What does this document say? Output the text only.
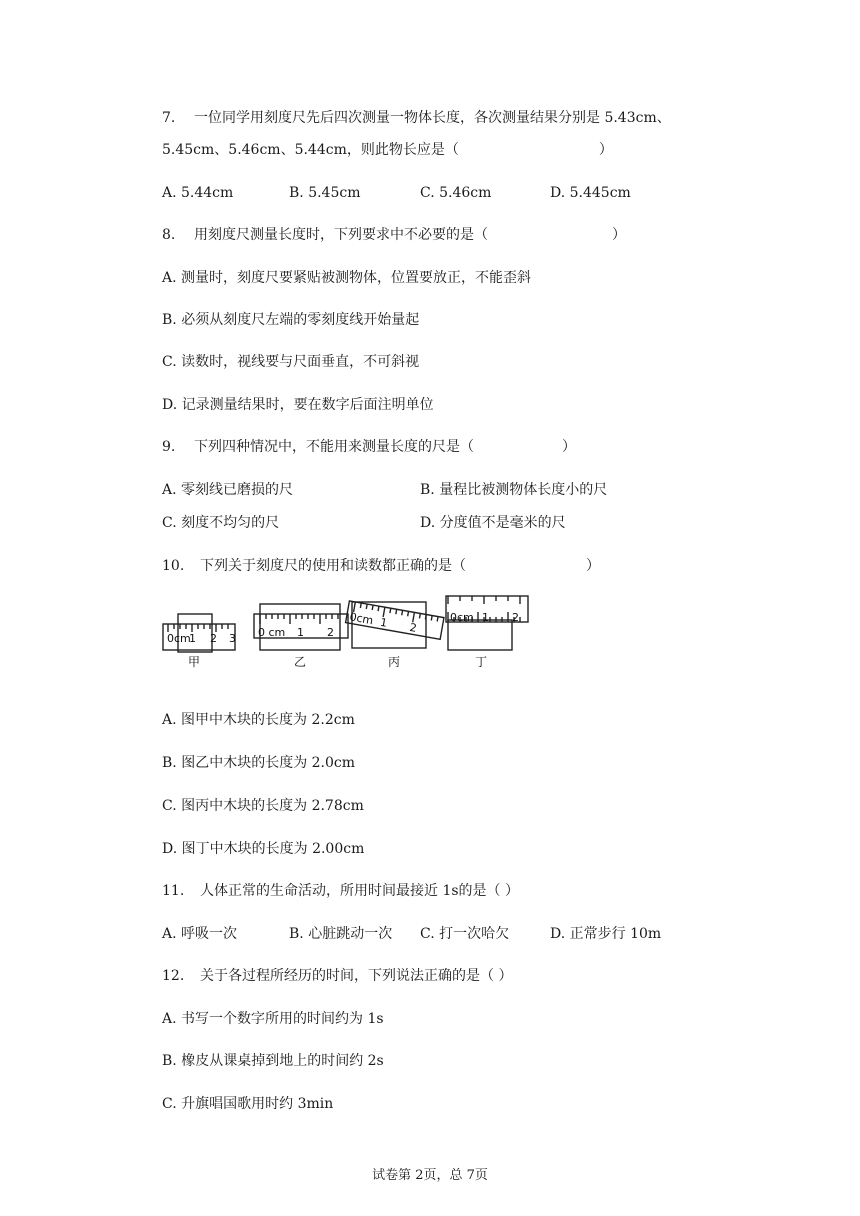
7. 一位同学用刻度尺先后四次测量一物体长度，各次测量结果分别是 5.43cm、
5.45cm、5.46cm、5.44cm，则此物长应是（	）
A. 5.44cm	B. 5.45cm	C. 5.46cm	D. 5.445cm
8. 用刻度尺测量长度时，下列要求中不必要的是（	）
A. 测量时，刻度尺要紧贴被测物体，位置要放正，不能歪斜
B. 必须从刻度尺左端的零刻度线开始量起
C. 读数时，视线要与尺面垂直，不可斜视
D. 记录测量结果时，要在数字后面注明单位
9. 下列四种情况中，不能用来测量长度的尺是（	）
A. 零刻线已磨损的尺	B. 量程比被测物体长度小的尺
C. 刻度不均匀的尺	D. 分度值不是毫米的尺
10. 下列关于刻度尺的使用和读数都正确的是（	）
0cm
1 2 3 0 cm 1 2
0cm 1 2
0cm 1 2
甲	乙	丙	丁
A. 图甲中木块的长度为 2.2cm
B. 图乙中木块的长度为 2.0cm
C. 图丙中木块的长度为 2.78cm
D. 图丁中木块的长度为 2.00cm
11. 人体正常的生命活动，所用时间最接近 1s的是（ ）
A. 呼吸一次	B. 心脏跳动一次 C. 打一次哈欠	D. 正常步行 10m
12. 关于各过程所经历的时间，下列说法正确的是（ ）
A. 书写一个数字所用的时间约为 1s
B. 橡皮从课桌掉到地上的时间约 2s
C. 升旗唱国歌用时约 3min
试卷第 2页，总 7页
